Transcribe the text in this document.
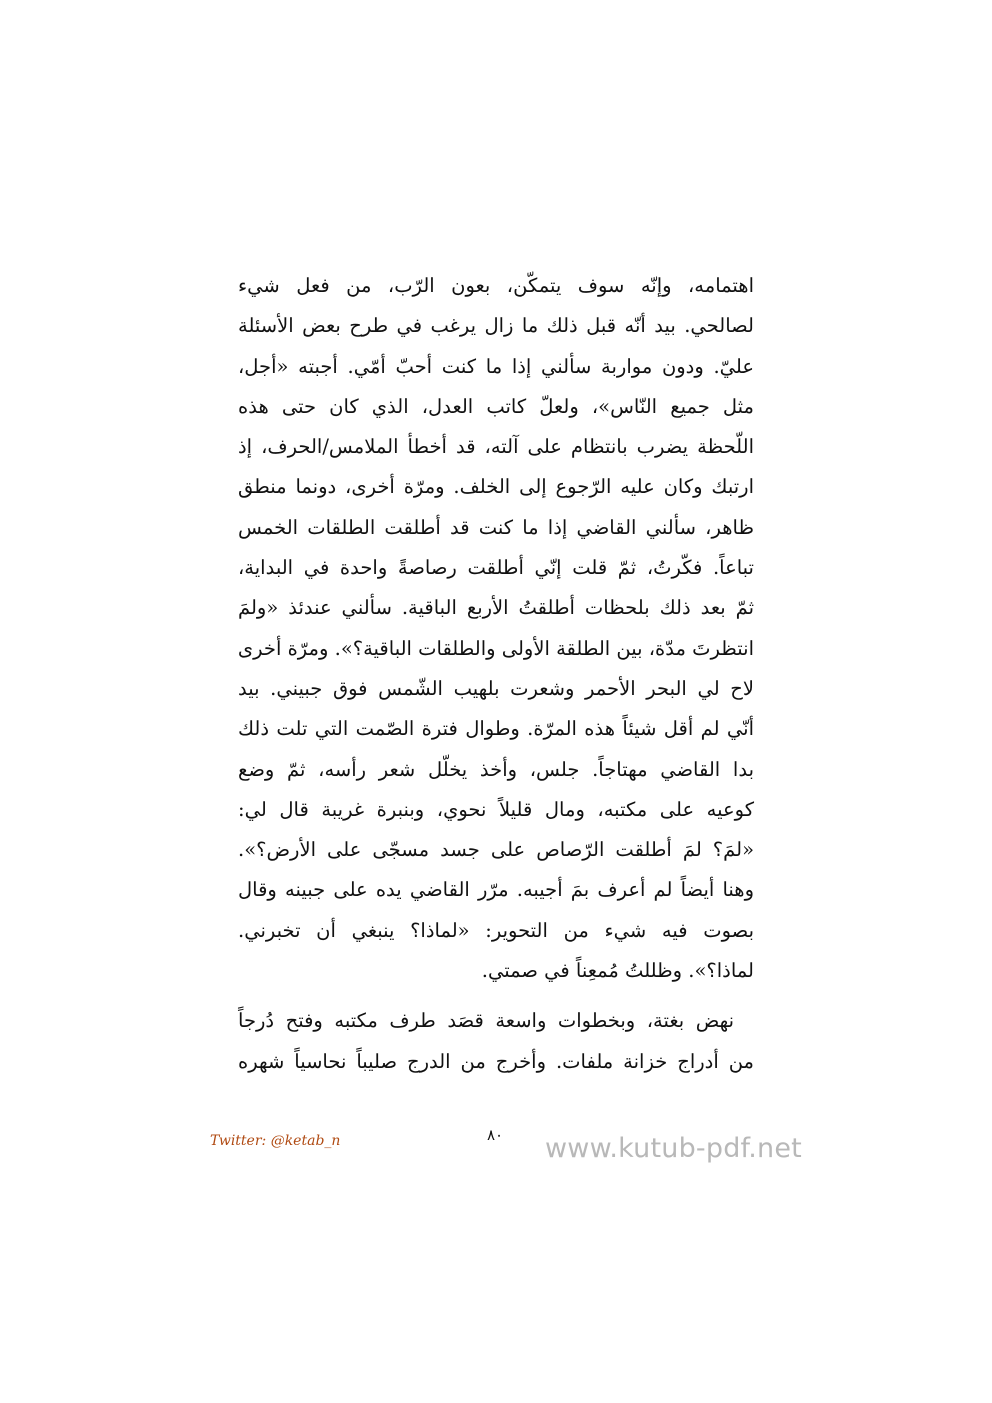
اهتمامه، وإنّه سوف يتمكّن، بعون الرّب، من فعل شيء
لصالحي. بيد أنّه قبل ذلك ما زال يرغب في طرح بعض الأسئلة
عليّ. ودون مواربة سألني إذا ما كنت أحبّ أمّي. أجبته «أجل،
مثل جميع النّاس»، ولعلّ كاتب العدل، الذي كان حتى هذه
اللّحظة يضرب بانتظام على آلته، قد أخطأ الملامس/الحرف، إذ
ارتبك وكان عليه الرّجوع إلى الخلف. ومرّة أخرى، دونما منطق
ظاهر، سألني القاضي إذا ما كنت قد أطلقت الطلقات الخمس
تباعاً. فكّرتُ، ثمّ قلت إنّي أطلقت رصاصةً واحدة في البداية،
ثمّ بعد ذلك بلحظات أطلقتُ الأربع الباقية. سألني عندئذ «ولمَ
انتظرتَ مدّة، بين الطلقة الأولى والطلقات الباقية؟». ومرّة أخرى
لاح لي البحر الأحمر وشعرت بلهيب الشّمس فوق جبيني. بيد
أنّي لم أقل شيئاً هذه المرّة. وطوال فترة الصّمت التي تلت ذلك
بدا القاضي مهتاجاً. جلس، وأخذ يخلّل شعر رأسه، ثمّ وضع
كوعيه على مكتبه، ومال قليلاً نحوي، وبنبرة غريبة قال لي:
«لمَ؟ لمَ أطلقت الرّصاص على جسد مسجّى على الأرض؟».
وهنا أيضاً لم أعرف بمَ أجيبه. مرّر القاضي يده على جبينه وقال
بصوت فيه شيء من التحوير: «لماذا؟ ينبغي أن تخبرني.
لماذا؟». وظللتُ مُمعِناً في صمتي.
نهض بغتة، وبخطوات واسعة قصَد طرف مكتبه وفتح دُرجاً
من أدراج خزانة ملفات. وأخرج من الدرج صليباً نحاسياً شهره
Twitter: @ketab_n	٨٠ www.kutub-pdf.net
